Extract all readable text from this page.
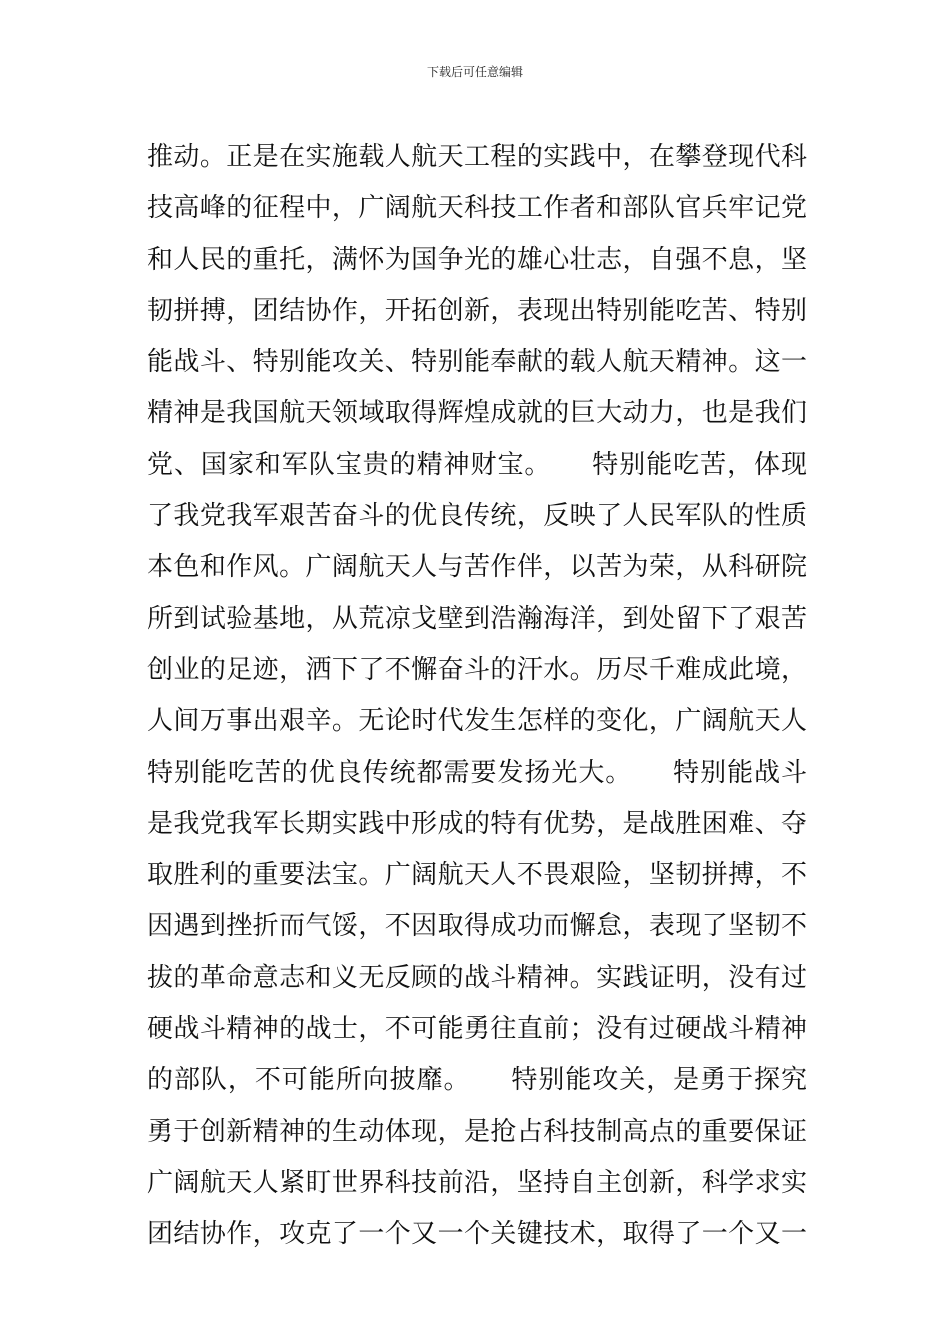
下载后可任意编辑
推动。正是在实施载人航天工程的实践中，在攀登现代科
技高峰的征程中，广阔航天科技工作者和部队官兵牢记党
和人民的重托，满怀为国争光的雄心壮志，自强不息，坚
韧拼搏，团结协作，开拓创新，表现出特别能吃苦、特别
能战斗、特别能攻关、特别能奉献的载人航天精神。这一
精神是我国航天领域取得辉煌成就的巨大动力，也是我们
党、国家和军队宝贵的精神财宝。　　特别能吃苦，体现
了我党我军艰苦奋斗的优良传统，反映了人民军队的性质
本色和作风。广阔航天人与苦作伴，以苦为荣，从科研院
所到试验基地，从荒凉戈壁到浩瀚海洋，到处留下了艰苦
创业的足迹，洒下了不懈奋斗的汗水。历尽千难成此境，
人间万事出艰辛。无论时代发生怎样的变化，广阔航天人
特别能吃苦的优良传统都需要发扬光大。　　特别能战斗
是我党我军长期实践中形成的特有优势，是战胜困难、夺
取胜利的重要法宝。广阔航天人不畏艰险，坚韧拼搏，不
因遇到挫折而气馁，不因取得成功而懈怠，表现了坚韧不
拔的革命意志和义无反顾的战斗精神。实践证明，没有过
硬战斗精神的战士，不可能勇往直前；没有过硬战斗精神
的部队，不可能所向披靡。　　特别能攻关，是勇于探究
勇于创新精神的生动体现，是抢占科技制高点的重要保证
广阔航天人紧盯世界科技前沿，坚持自主创新，科学求实
团结协作，攻克了一个又一个关键技术，取得了一个又一
